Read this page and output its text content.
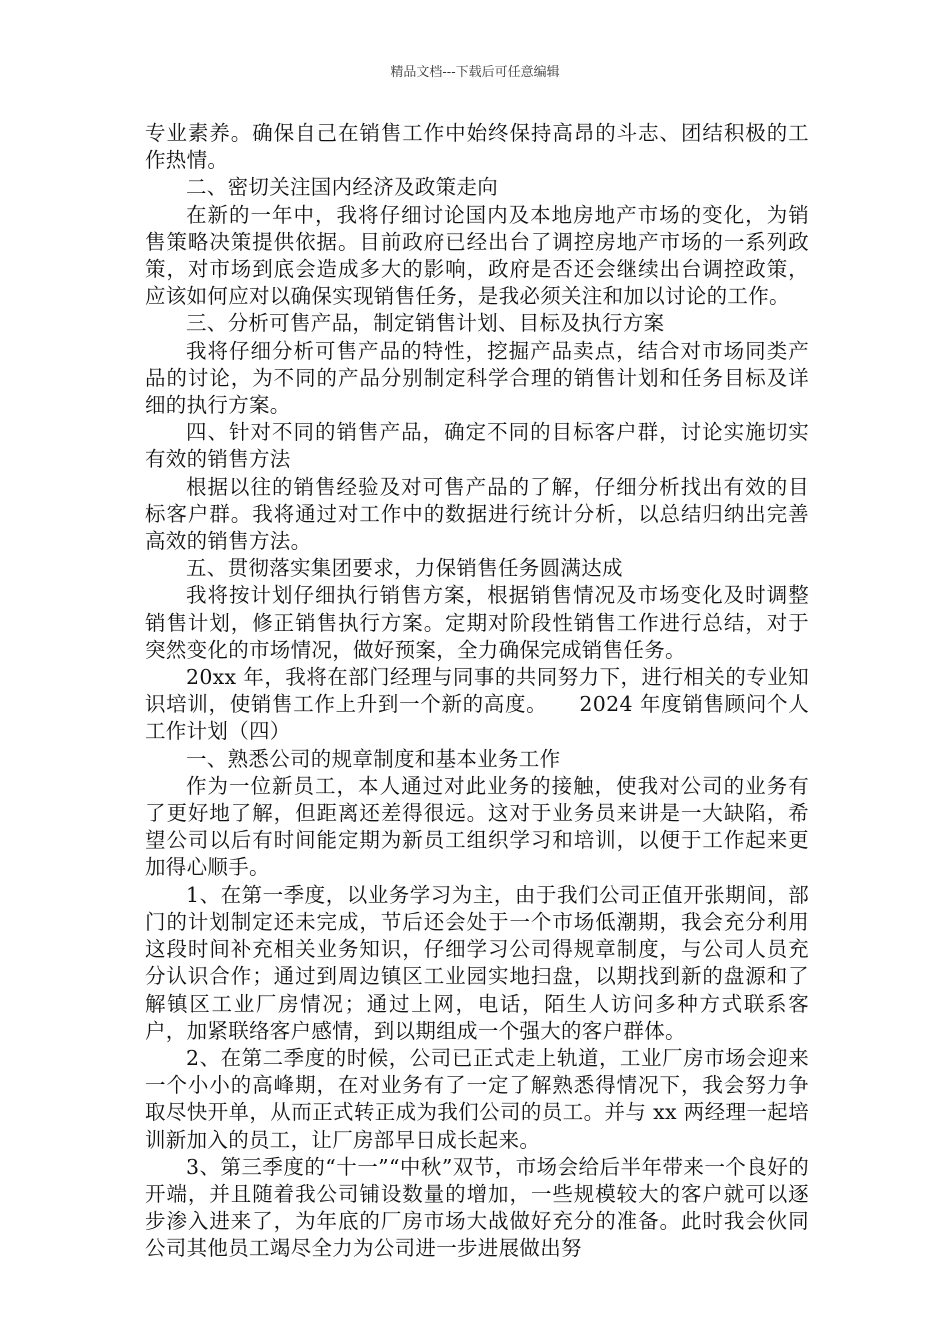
精品文档---下载后可任意编辑

专业素养。确保自己在销售工作中始终保持高昂的斗志、团结积极的工作热情。

二、密切关注国内经济及政策走向

在新的一年中，我将仔细讨论国内及本地房地产市场的变化，为销售策略决策提供依据。目前政府已经出台了调控房地产市场的一系列政策，对市场到底会造成多大的影响，政府是否还会继续出台调控政策，应该如何应对以确保实现销售任务，是我必须关注和加以讨论的工作。

三、分析可售产品，制定销售计划、目标及执行方案

我将仔细分析可售产品的特性，挖掘产品卖点，结合对市场同类产品的讨论，为不同的产品分别制定科学合理的销售计划和任务目标及详细的执行方案。

四、针对不同的销售产品，确定不同的目标客户群，讨论实施切实有效的销售方法

根据以往的销售经验及对可售产品的了解，仔细分析找出有效的目标客户群。我将通过对工作中的数据进行统计分析，以总结归纳出完善高效的销售方法。

五、贯彻落实集团要求，力保销售任务圆满达成

我将按计划仔细执行销售方案，根据销售情况及市场变化及时调整销售计划，修正销售执行方案。定期对阶段性销售工作进行总结，对于突然变化的市场情况，做好预案，全力确保完成销售任务。

20xx 年，我将在部门经理与同事的共同努力下，进行相关的专业知识培训，使销售工作上升到一个新的高度。　　2024 年度销售顾问个人工作计划（四）

一、熟悉公司的规章制度和基本业务工作

作为一位新员工，本人通过对此业务的接触，使我对公司的业务有了更好地了解，但距离还差得很远。这对于业务员来讲是一大缺陷，希望公司以后有时间能定期为新员工组织学习和培训，以便于工作起来更加得心顺手。

1、在第一季度，以业务学习为主，由于我们公司正值开张期间，部门的计划制定还未完成，节后还会处于一个市场低潮期，我会充分利用这段时间补充相关业务知识，仔细学习公司得规章制度，与公司人员充分认识合作；通过到周边镇区工业园实地扫盘，以期找到新的盘源和了解镇区工业厂房情况；通过上网，电话，陌生人访问多种方式联系客户，加紧联络客户感情，到以期组成一个强大的客户群体。

2、在第二季度的时候，公司已正式走上轨道，工业厂房市场会迎来一个小小的高峰期，在对业务有了一定了解熟悉得情况下，我会努力争取尽快开单，从而正式转正成为我们公司的员工。并与 xx 两经理一起培训新加入的员工，让厂房部早日成长起来。

3、第三季度的“十一”“中秋”双节，市场会给后半年带来一个良好的开端，并且随着我公司铺设数量的增加，一些规模较大的客户就可以逐步渗入进来了，为年底的厂房市场大战做好充分的准备。此时我会伙同公司其他员工竭尽全力为公司进一步进展做出努
